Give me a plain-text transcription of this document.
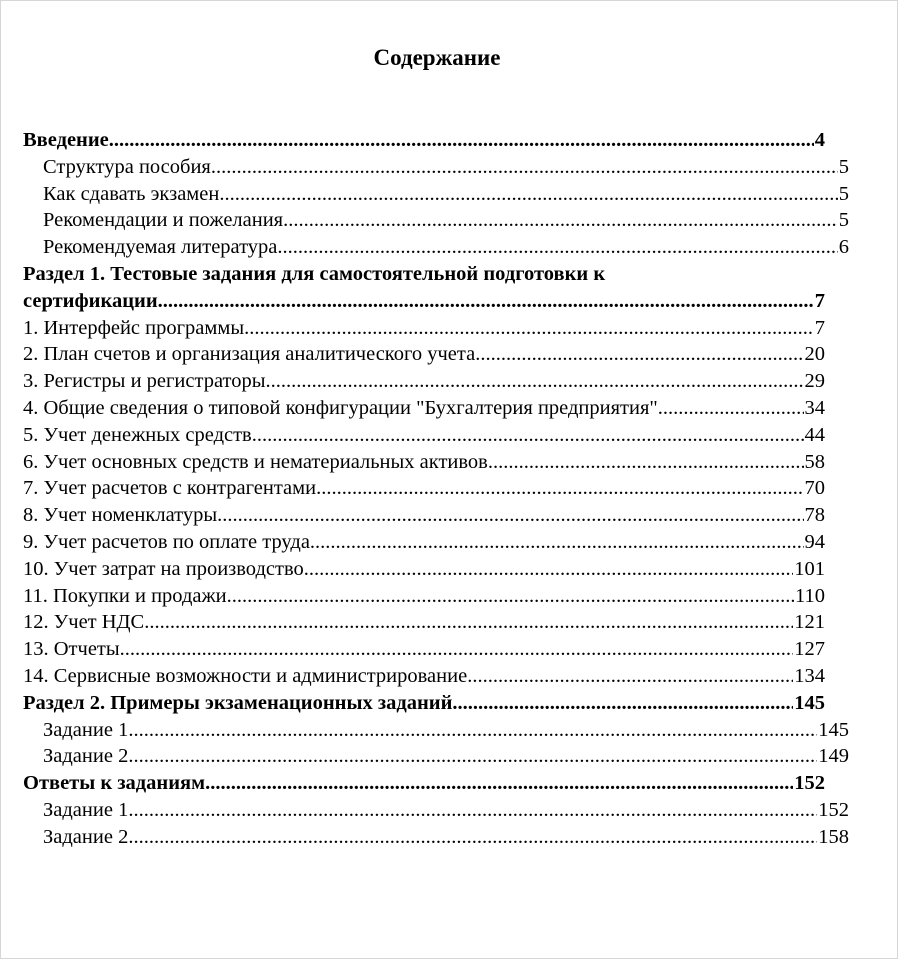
Содержание
Введение .....	4
Структура пособия .....	5
Как сдавать экзамен .....	5
Рекомендации и пожелания .....	5
Рекомендуемая литература .....	6
Раздел 1. Тестовые задания для самостоятельной подготовки к
сертификации .....	7
1. Интерфейс программы .....	7
2. План счетов и организация аналитического учета .....	20
3. Регистры и регистраторы .....	29
4. Общие сведения о типовой конфигурации "Бухгалтерия предприятия" .....	34
5. Учет денежных средств .....	44
6. Учет основных средств и нематериальных активов .....	58
7. Учет расчетов с контрагентами .....	70
8. Учет номенклатуры .....	78
9. Учет расчетов по оплате труда .....	94
10. Учет затрат на производство .....	101
11. Покупки и продажи .....	110
12. Учет НДС .....	121
13. Отчеты .....	127
14. Сервисные возможности и администрирование .....	134
Раздел 2. Примеры экзаменационных заданий .....	145
Задание 1 .....	145
Задание 2 .....	149
Ответы к заданиям .....	152
Задание 1 .....	152
Задание 2 .....	158
